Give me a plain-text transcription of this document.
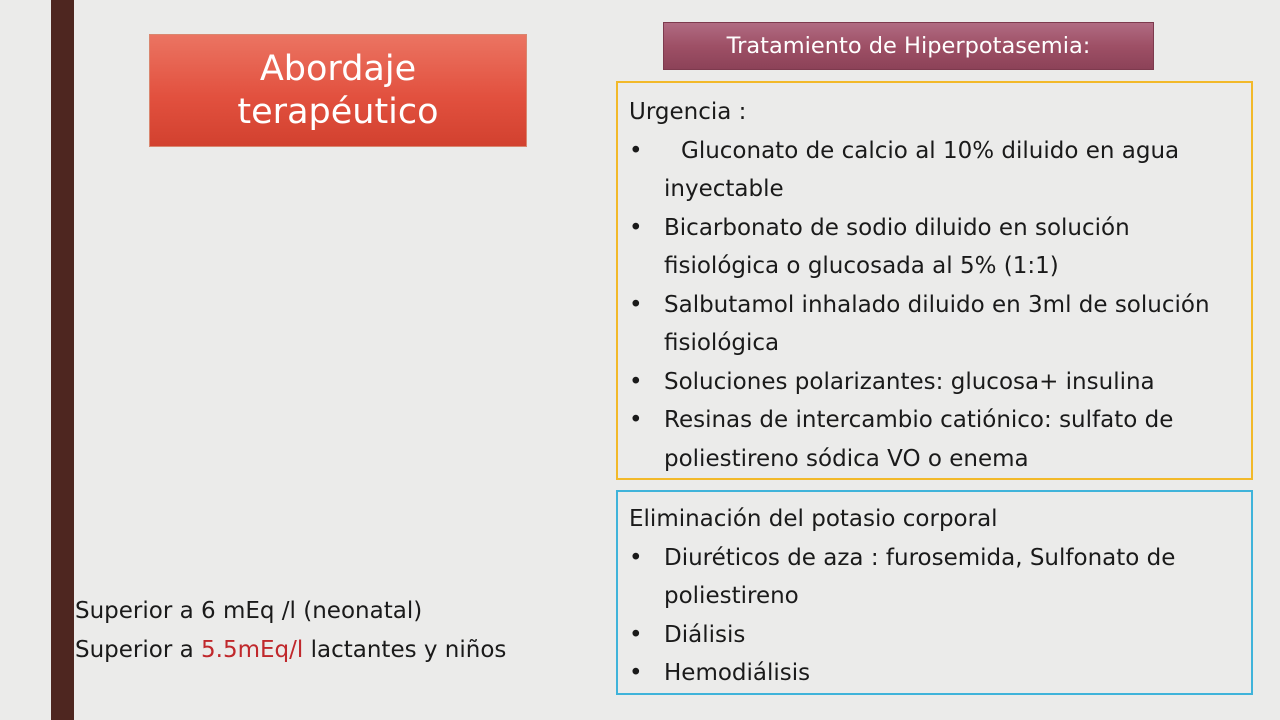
Abordaje terapéutico
Tratamiento de Hiperpotasemia:
Urgencia :
• Gluconato de calcio al 10% diluido en agua inyectable
• Bicarbonato de sodio diluido en solución fisiológica o glucosada al 5% (1:1)
• Salbutamol inhalado diluido en 3ml de solución fisiológica
• Soluciones polarizantes: glucosa+ insulina
• Resinas de intercambio catiónico: sulfato de poliestireno sódica VO o enema
Eliminación del potasio corporal
• Diuréticos de aza : furosemida, Sulfonato de poliestireno
• Diálisis
• Hemodiálisis
Superior a 6 mEq /l (neonatal)
Superior a 5.5mEq/l lactantes y niños
